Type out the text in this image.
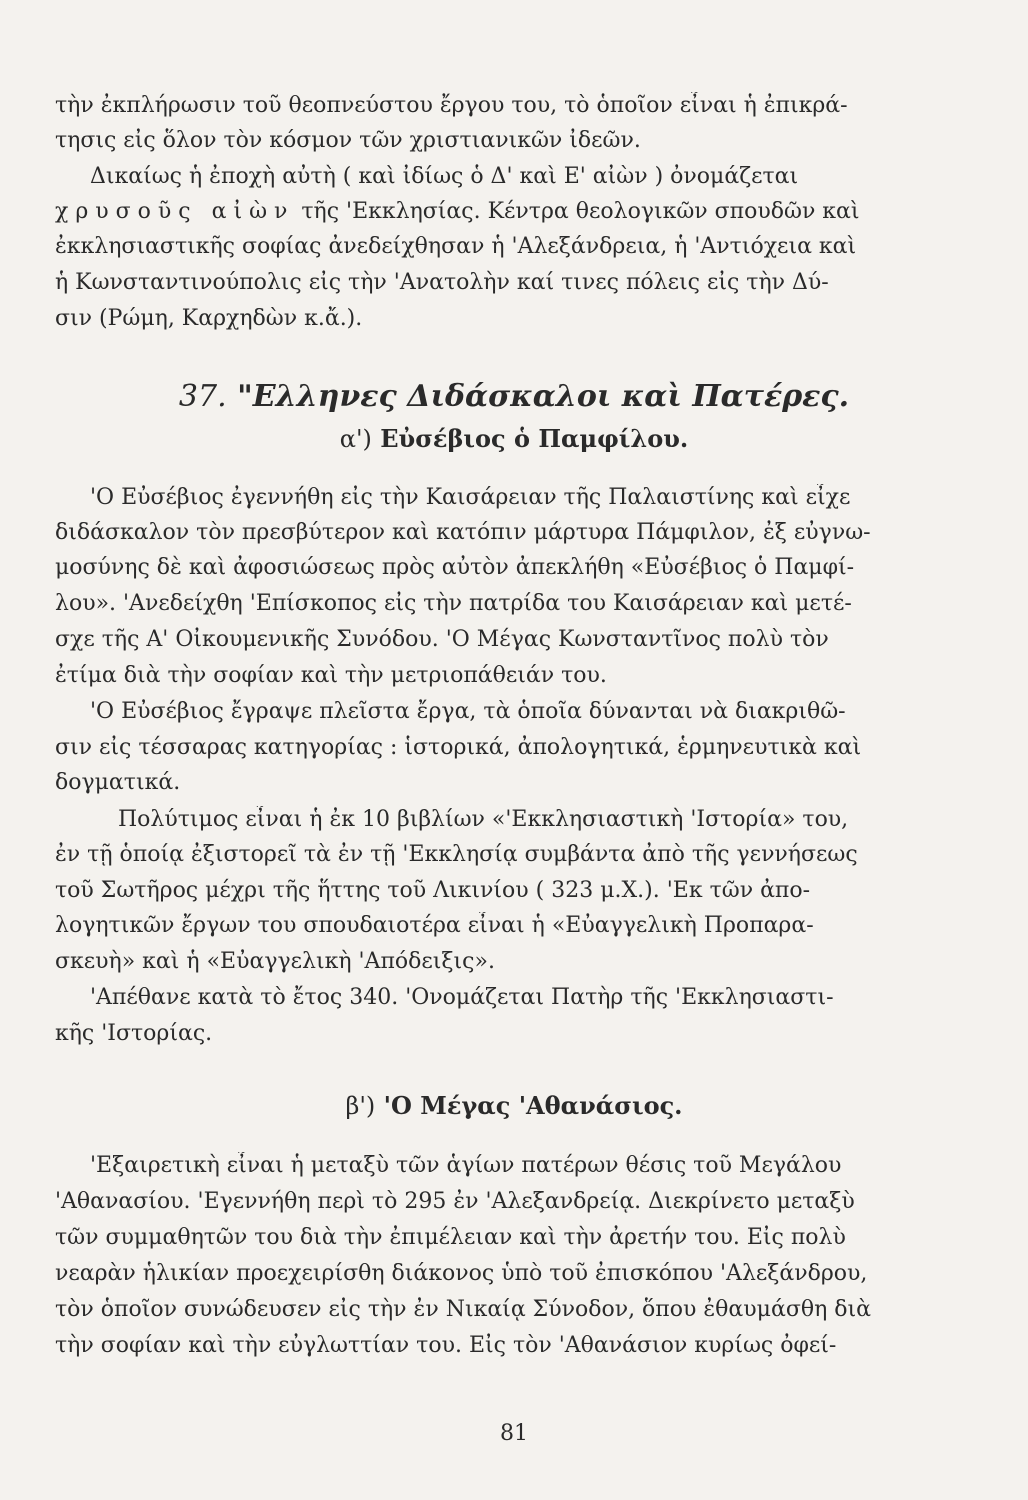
τὴν ἐκπλήρωσιν τοῦ θεοπνεύστου ἔργου του, τὸ ὁποῖον εἶναι ἡ ἐπικρά-
τησις εἰς ὅλον τὸν κόσμον τῶν χριστιανικῶν ἰδεῶν.
Δικαίως ἡ ἐποχὴ αὐτὴ ( καὶ ἰδίως ὁ Δ' καὶ Ε' αἰὼν ) ὀνομάζεται
χρυσοῦς αἰὼν τῆς 'Εκκλησίας. Κέντρα θεολογικῶν σπουδῶν καὶ
ἐκκλησιαστικῆς σοφίας ἀνεδείχθησαν ἡ 'Αλεξάνδρεια, ἡ 'Αντιόχεια καὶ
ἡ Κωνσταντινούπολις εἰς τὴν 'Ανατολὴν καί τινες πόλεις εἰς τὴν Δύ-
σιν (Ρώμη, Καρχηδὼν κ.ἄ.).
37. "Ελληνες Διδάσκαλοι καὶ Πατέρες.
α') Εὐσέβιος ὁ Παμφίλου.
'Ο Εὐσέβιος ἐγεννήθη εἰς τὴν Καισάρειαν τῆς Παλαιστίνης καὶ εἶχε
διδάσκαλον τὸν πρεσβύτερον καὶ κατόπιν μάρτυρα Πάμφιλον, ἐξ εὐγνω-
μοσύνης δὲ καὶ ἀφοσιώσεως πρὸς αὐτὸν ἀπεκλήθη «Εὐσέβιος ὁ Παμφί-
λου». 'Ανεδείχθη 'Επίσκοπος εἰς τὴν πατρίδα του Καισάρειαν καὶ μετέ-
σχε τῆς Α' Οἰκουμενικῆς Συνόδου. 'Ο Μέγας Κωνσταντῖνος πολὺ τὸν
ἐτίμα διὰ τὴν σοφίαν καὶ τὴν μετριοπάθειάν του.
'Ο Εὐσέβιος ἔγραψε πλεῖστα ἔργα, τὰ ὁποῖα δύνανται νὰ διακριθῶ-
σιν εἰς τέσσαρας κατηγορίας : ἱστορικά, ἀπολογητικά, ἑρμηνευτικὰ καὶ
δογματικά.
Πολύτιμος εἶναι ἡ ἐκ 10 βιβλίων «'Εκκλησιαστικὴ 'Ιστορία» του,
ἐν τῇ ὁποίᾳ ἐξιστορεῖ τὰ ἐν τῇ 'Εκκλησίᾳ συμβάντα ἀπὸ τῆς γεννήσεως
τοῦ Σωτῆρος μέχρι τῆς ἥττης τοῦ Λικινίου ( 323 μ.Χ.). 'Εκ τῶν ἀπο-
λογητικῶν ἔργων του σπουδαιοτέρα εἶναι ἡ «Εὐαγγελικὴ Προπαρα-
σκευὴ» καὶ ἡ «Εὐαγγελικὴ 'Απόδειξις».
'Απέθανε κατὰ τὸ ἔτος 340. 'Ονομάζεται Πατὴρ τῆς 'Εκκλησιαστι-
κῆς 'Ιστορίας.
β') 'Ο Μέγας 'Αθανάσιος.
'Εξαιρετικὴ εἶναι ἡ μεταξὺ τῶν ἁγίων πατέρων θέσις τοῦ Μεγάλου
'Αθανασίου. 'Εγεννήθη περὶ τὸ 295 ἐν 'Αλεξανδρείᾳ. Διεκρίνετο μεταξὺ
τῶν συμμαθητῶν του διὰ τὴν ἐπιμέλειαν καὶ τὴν ἀρετήν του. Εἰς πολὺ
νεαρὰν ἡλικίαν προεχειρίσθη διάκονος ὑπὸ τοῦ ἐπισκόπου 'Αλεξάνδρου,
τὸν ὁποῖον συνώδευσεν εἰς τὴν ἐν Νικαίᾳ Σύνοδον, ὅπου ἐθαυμάσθη διὰ
τὴν σοφίαν καὶ τὴν εὐγλωττίαν του. Εἰς τὸν 'Αθανάσιον κυρίως ὀφεί-
81
